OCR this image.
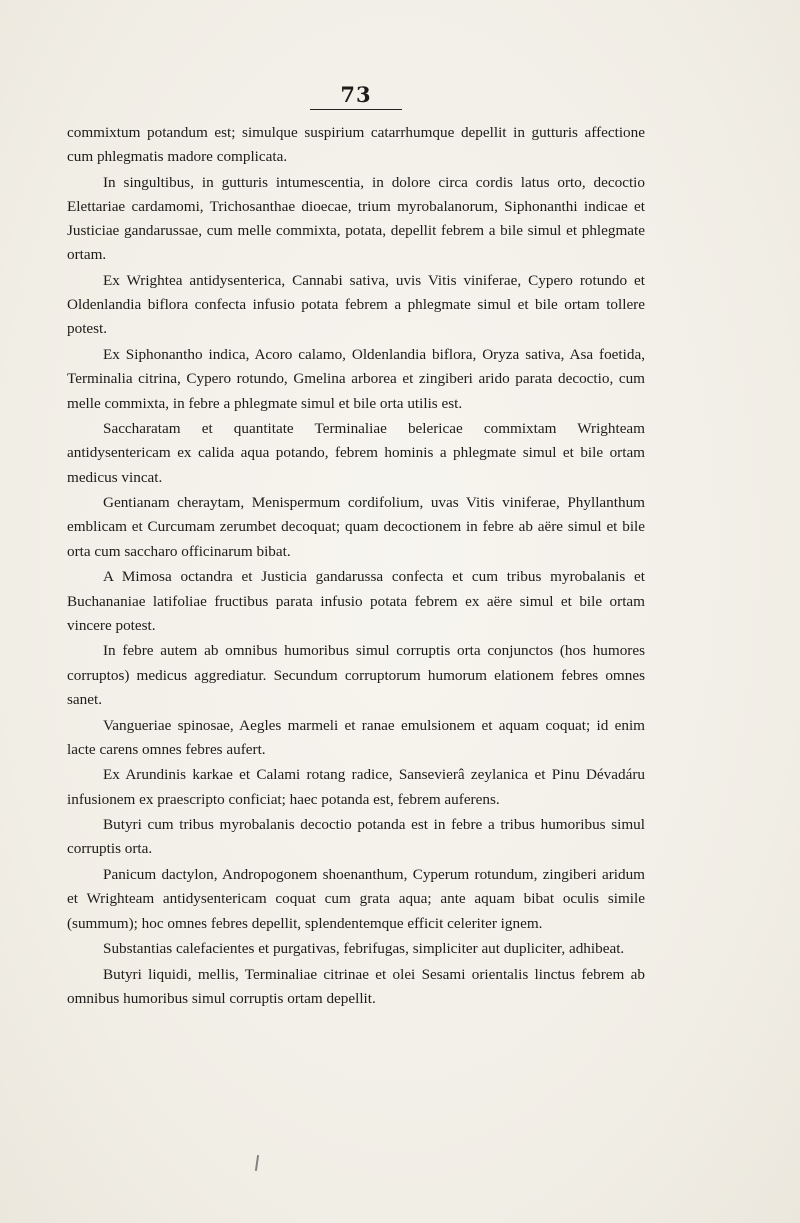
73

commixtum potandum est; simulque suspirium catarrhumque depellit in gutturis affectione cum phlegmatis madore complicata.

In singultibus, in gutturis intumescentia, in dolore circa cordis latus orto, decoctio Elettariae cardamomi, Trichosanthae dioecae, trium myrobalanorum, Siphonanthi indicae et Justiciae gandarussae, cum melle commixta, potata, depellit febrem a bile simul et phlegmate ortam.

Ex Wrightea antidysenterica, Cannabi sativa, uvis Vitis viniferae, Cypero rotundo et Oldenlandia biflora confecta infusio potata febrem a phlegmate simul et bile ortam tollere potest.

Ex Siphonantho indica, Acoro calamo, Oldenlandia biflora, Oryza sativa, Asa foetida, Terminalia citrina, Cypero rotundo, Gmelina arborea et zingiberi arido parata decoctio, cum melle commixta, in febre a phlegmate simul et bile orta utilis est.

Saccharatam et quantitate Terminaliae belericae commixtam Wrighteam antidysentericam ex calida aqua potando, febrem hominis a phlegmate simul et bile ortam medicus vincat.

Gentianam cheraytam, Menispermum cordifolium, uvas Vitis viniferae, Phyllanthum emblicam et Curcumam zerumbet decoquat; quam decoctionem in febre ab aëre simul et bile orta cum saccharo officinarum bibat.

A Mimosa octandra et Justicia gandarussa confecta et cum tribus myrobalanis et Buchananiae latifoliae fructibus parata infusio potata febrem ex aëre simul et bile ortam vincere potest.

In febre autem ab omnibus humoribus simul corruptis orta conjunctos (hos humores corruptos) medicus aggrediatur. Secundum corruptorum humorum elationem febres omnes sanet.

Vangueriae spinosae, Aegles marmeli et ranae emulsionem et aquam coquat; id enim lacte carens omnes febres aufert.

Ex Arundinis karkae et Calami rotang radice, Sansevierâ zeylanica et Pinu Dévadáru infusionem ex praescripto conficiat; haec potanda est, febrem auferens.

Butyri cum tribus myrobalanis decoctio potanda est in febre a tribus humoribus simul corruptis orta.

Panicum dactylon, Andropogonem shoenanthum, Cyperum rotundum, zingiberi aridum et Wrighteam antidysentericam coquat cum grata aqua; ante aquam bibat oculis simile (summum); hoc omnes febres depellit, splendentemque efficit celeriter ignem.

Substantias calefacientes et purgativas, febrifugas, simpliciter aut dupliciter, adhibeat.

Butyri liquidi, mellis, Terminaliae citrinae et olei Sesami orientalis linctus febrem ab omnibus humoribus simul corruptis ortam depellit.
